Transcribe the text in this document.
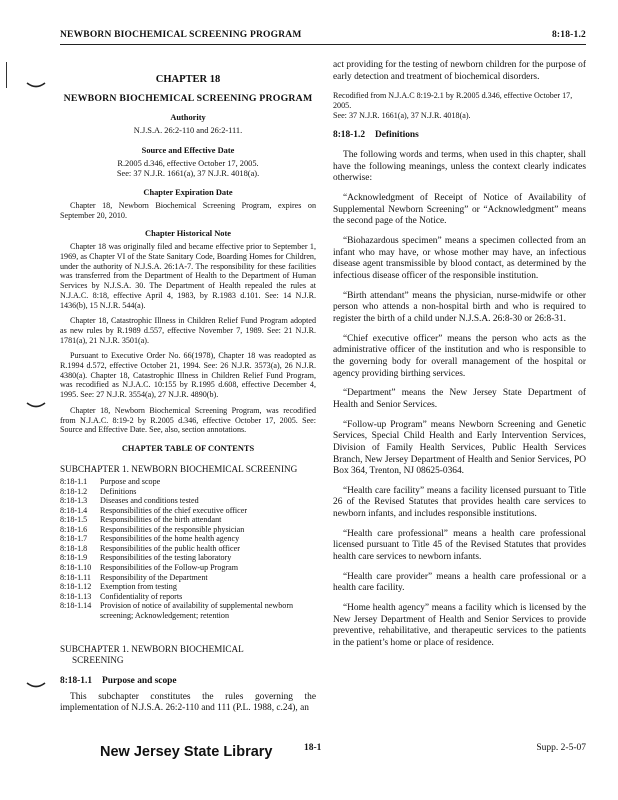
NEWBORN BIOCHEMICAL SCREENING PROGRAM	8:18-1.2
CHAPTER 18
NEWBORN BIOCHEMICAL SCREENING PROGRAM
Authority

N.J.S.A. 26:2-110 and 26:2-111.

Source and Effective Date

R.2005 d.346, effective October 17, 2005.

See: 37 N.J.R. 1661(a), 37 N.J.R. 4018(a).

Chapter Expiration Date

Chapter 18, Newborn Biochemical Screening Program, expires on September 20, 2010.

Chapter Historical Note

Chapter 18 was originally filed and became effective prior to September 1, 1969, as Chapter VI of the State Sanitary Code, Boarding Homes for Children, under the authority of N.J.S.A. 26:1A-7. The responsibility for these facilities was transferred from the Department of Health to the Department of Human Services by N.J.S.A. 30. The Department of Health repealed the rules at N.J.A.C. 8:18, effective April 4, 1983, by R.1983 d.101. See: 14 N.J.R. 1436(b), 15 N.J.R. 544(a).

Chapter 18, Catastrophic Illness in Children Relief Fund Program adopted as new rules by R.1989 d.557, effective November 7, 1989. See: 21 N.J.R. 1781(a), 21 N.J.R. 3501(a).

Pursuant to Executive Order No. 66(1978), Chapter 18 was readopted as R.1994 d.572, effective October 21, 1994. See: 26 N.J.R. 3573(a), 26 N.J.R. 4380(a). Chapter 18, Catastrophic Illness in Children Relief Fund Program, was recodified as N.J.A.C. 10:155 by R.1995 d.608, effective December 4, 1995. See: 27 N.J.R. 3554(a), 27 N.J.R. 4890(b).

Chapter 18, Newborn Biochemical Screening Program, was recodified from N.J.A.C. 8:19-2 by R.2005 d.346, effective October 17, 2005. See: Source and Effective Date. See, also, section annotations.

CHAPTER TABLE OF CONTENTS
SUBCHAPTER 1. NEWBORN BIOCHEMICAL SCREENING
8:18-1.1	Purpose and scope
8:18-1.2	Definitions
8:18-1.3	Diseases and conditions tested
8:18-1.4	Responsibilities of the chief executive officer
8:18-1.5	Responsibilities of the birth attendant
8:18-1.6	Responsibilities of the responsible physician
8:18-1.7	Responsibilities of the home health agency
8:18-1.8	Responsibilities of the public health officer
8:18-1.9	Responsibilities of the testing laboratory
8:18-1.10	Responsibilities of the Follow-up Program
8:18-1.11	Responsibility of the Department
8:18-1.12	Exemption from testing
8:18-1.13	Confidentiality of reports
8:18-1.14	Provision of notice of availability of supplemental newborn screening; Acknowledgement; retention
SUBCHAPTER 1. NEWBORN BIOCHEMICAL
SCREENING
8:18-1.1 Purpose and scope

This subchapter constitutes the rules governing the implementation of N.J.S.A. 26:2-110 and 111 (P.L. 1988, c.24), an

act providing for the testing of newborn children for the purpose of early detection and treatment of biochemical disorders.

Recodified from N.J.A.C 8:19-2.1 by R.2005 d.346, effective October 17, 2005.
See: 37 N.J.R. 1661(a), 37 N.J.R. 4018(a).

8:18-1.2 Definitions

The following words and terms, when used in this chapter, shall have the following meanings, unless the context clearly indicates otherwise:

“Acknowledgment of Receipt of Notice of Availability of Supplemental Newborn Screening” or “Acknowledgment” means the second page of the Notice.

“Biohazardous specimen” means a specimen collected from an infant who may have, or whose mother may have, an infectious disease agent transmissible by blood contact, as determined by the infectious disease officer of the responsible institution.

“Birth attendant” means the physician, nurse-midwife or other person who attends a non-hospital birth and who is required to register the birth of a child under N.J.S.A. 26:8-30 or 26:8-31.

“Chief executive officer” means the person who acts as the administrative officer of the institution and who is responsible to the governing body for overall management of the hospital or agency providing birthing services.

“Department” means the New Jersey State Department of Health and Senior Services.

“Follow-up Program” means Newborn Screening and Genetic Services, Special Child Health and Early Intervention Services, Division of Family Health Services, Public Health Services Branch, New Jersey Department of Health and Senior Services, PO Box 364, Trenton, NJ 08625-0364.

“Health care facility” means a facility licensed pursuant to Title 26 of the Revised Statutes that provides health care services to newborn infants, and includes responsible institutions.

“Health care professional” means a health care professional licensed pursuant to Title 45 of the Revised Statutes that provides health care services to newborn infants.

“Health care provider” means a health care professional or a health care facility.

“Home health agency” means a facility which is licensed by the New Jersey Department of Health and Senior Services to provide preventive, rehabilitative, and therapeutic services to the patients in the patient’s home or place of residence.

New Jersey State Library	18-1	Supp. 2-5-07
